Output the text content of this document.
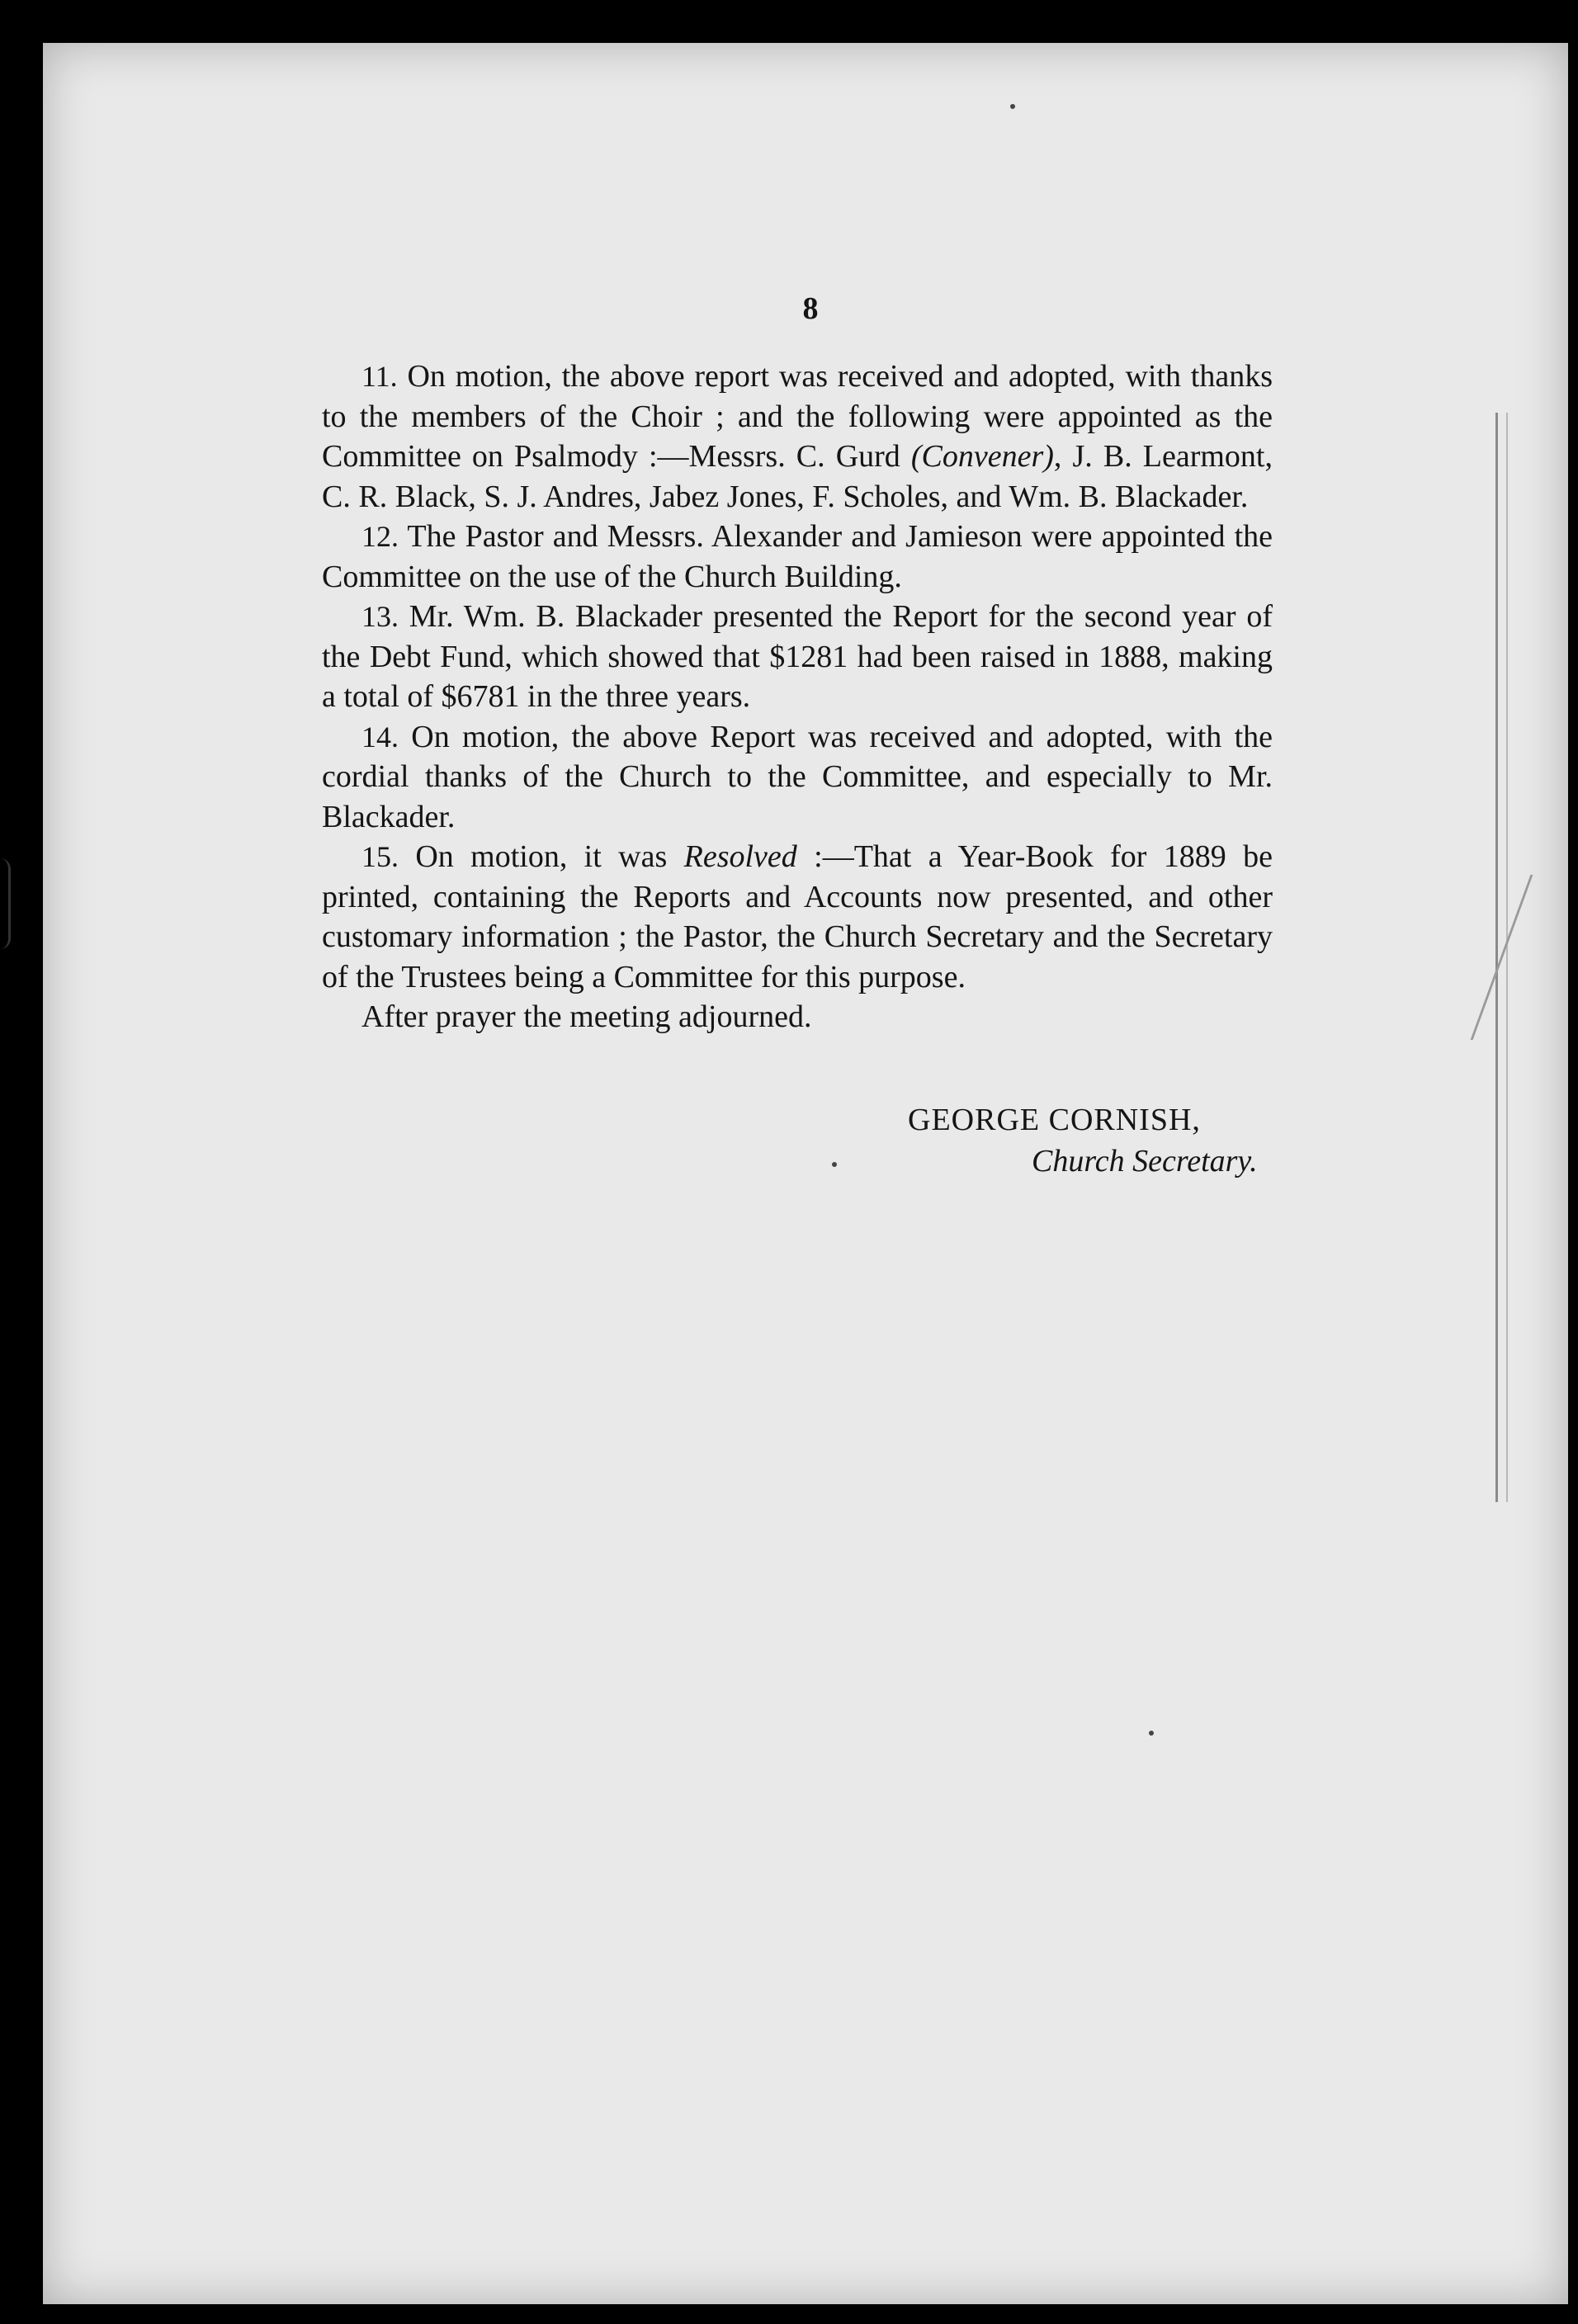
8

11. On motion, the above report was received and adopted, with thanks to the members of the Choir ; and the following were appointed as the Committee on Psalmody :—Messrs. C. Gurd (Convener), J. B. Learmont, C. R. Black, S. J. Andres, Jabez Jones, F. Scholes, and Wm. B. Blackader.

12. The Pastor and Messrs. Alexander and Jamieson were appointed the Committee on the use of the Church Building.

13. Mr. Wm. B. Blackader presented the Report for the second year of the Debt Fund, which showed that $1281 had been raised in 1888, making a total of $6781 in the three years.

14. On motion, the above Report was received and adopted, with the cordial thanks of the Church to the Committee, and especially to Mr. Blackader.

15. On motion, it was Resolved :—That a Year-Book for 1889 be printed, containing the Reports and Accounts now presented, and other customary information ; the Pastor, the Church Secretary and the Secretary of the Trustees being a Committee for this purpose.

After prayer the meeting adjourned.

GEORGE CORNISH,
Church Secretary.
